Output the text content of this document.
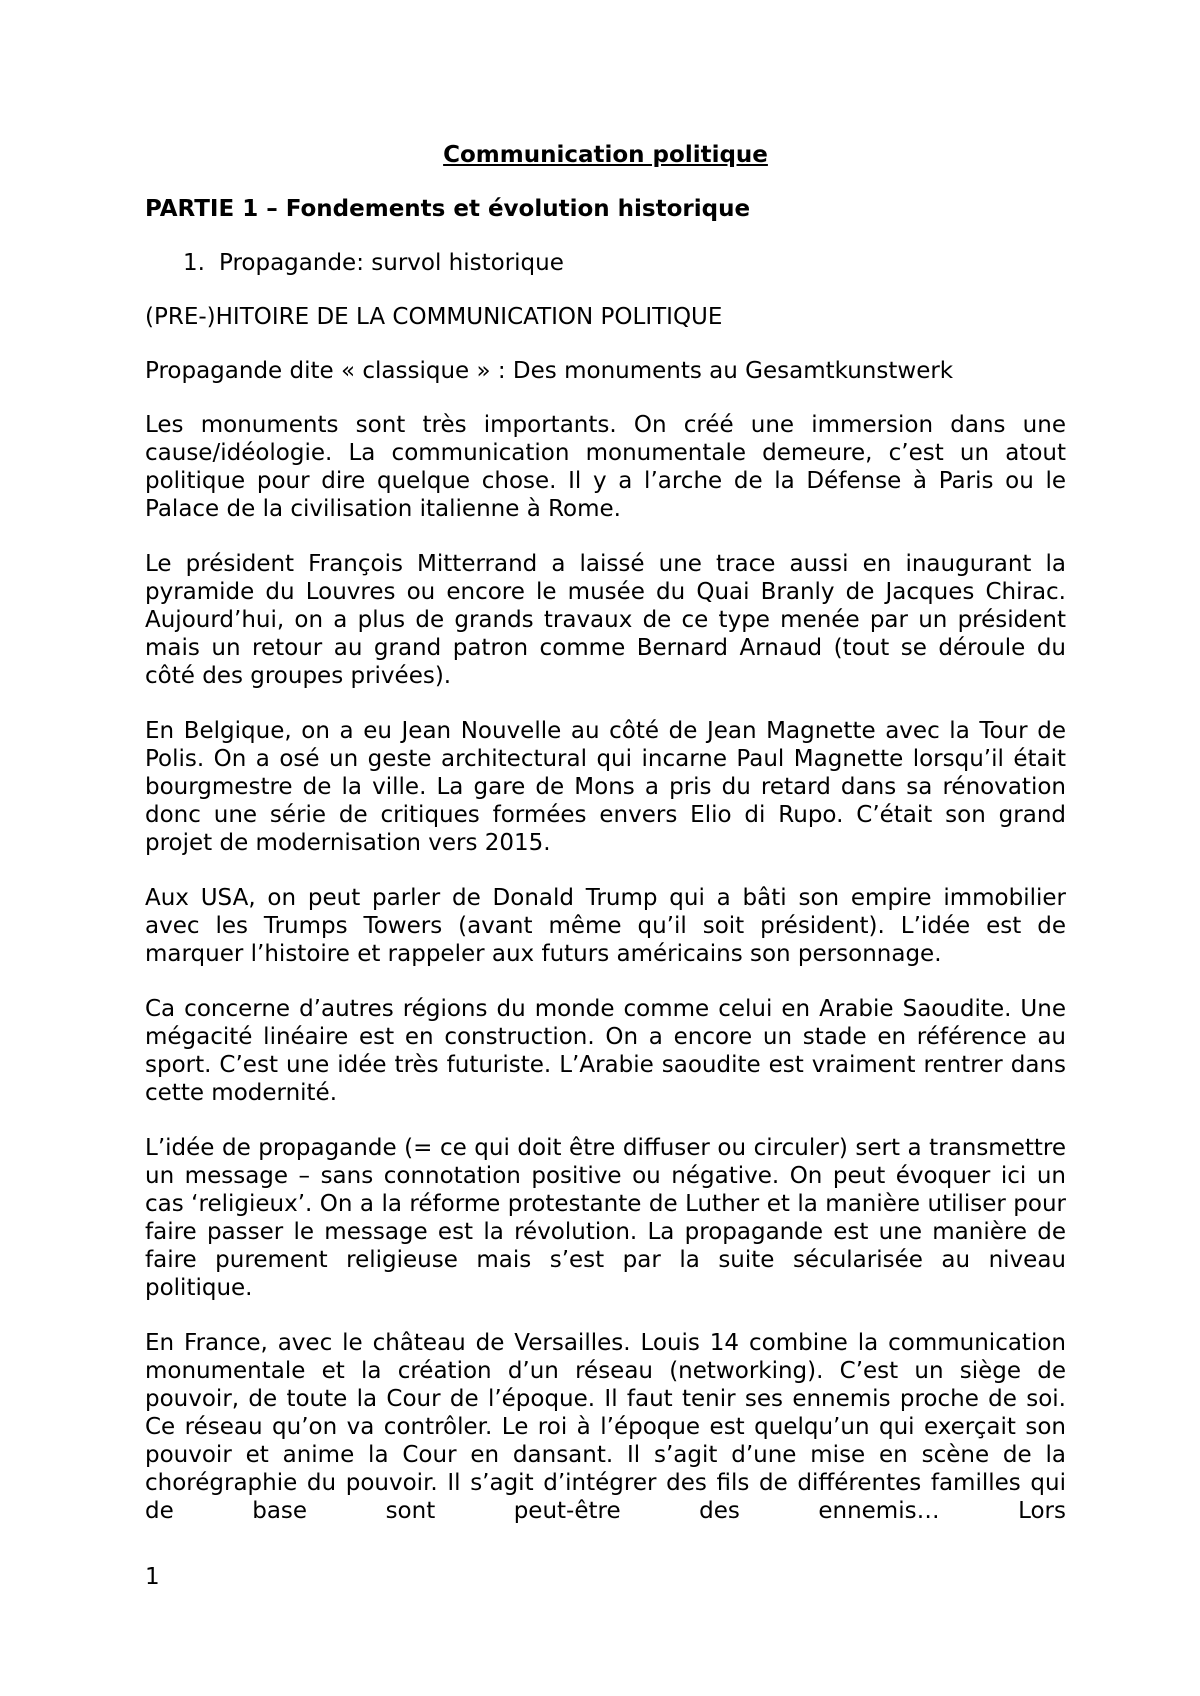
Communication politique
PARTIE 1 – Fondements et évolution historique
1. Propagande: survol historique
(PRE-)HITOIRE DE LA COMMUNICATION POLITIQUE
Propagande dite « classique » : Des monuments au Gesamtkunstwerk

Les monuments sont très importants. On créé une immersion dans une cause/idéologie. La communication monumentale demeure, c’est un atout politique pour dire quelque chose. Il y a l’arche de la Défense à Paris ou le Palace de la civilisation italienne à Rome.

Le président François Mitterrand a laissé une trace aussi en inaugurant la pyramide du Louvres ou encore le musée du Quai Branly de Jacques Chirac. Aujourd’hui, on a plus de grands travaux de ce type menée par un président mais un retour au grand patron comme Bernard Arnaud (tout se déroule du côté des groupes privées).

En Belgique, on a eu Jean Nouvelle au côté de Jean Magnette avec la Tour de Polis. On a osé un geste architectural qui incarne Paul Magnette lorsqu’il était bourgmestre de la ville. La gare de Mons a pris du retard dans sa rénovation donc une série de critiques formées envers Elio di Rupo. C’était son grand projet de modernisation vers 2015.

Aux USA, on peut parler de Donald Trump qui a bâti son empire immobilier avec les Trumps Towers (avant même qu’il soit président). L’idée est de marquer l’histoire et rappeler aux futurs américains son personnage.

Ca concerne d’autres régions du monde comme celui en Arabie Saoudite. Une mégacité linéaire est en construction. On a encore un stade en référence au sport. C’est une idée très futuriste. L’Arabie saoudite est vraiment rentrer dans cette modernité.

L’idée de propagande (= ce qui doit être diffuser ou circuler) sert a transmettre un message – sans connotation positive ou négative. On peut évoquer ici un cas ‘religieux’. On a la réforme protestante de Luther et la manière utiliser pour faire passer le message est la révolution. La propagande est une manière de faire purement religieuse mais s’est par la suite sécularisée au niveau politique.

En France, avec le château de Versailles. Louis 14 combine la communication monumentale et la création d’un réseau (networking). C’est un siège de pouvoir, de toute la Cour de l’époque. Il faut tenir ses ennemis proche de soi. Ce réseau qu’on va contrôler. Le roi à l’époque est quelqu’un qui exerçait son pouvoir et anime la Cour en dansant. Il s’agit d’une mise en scène de la chorégraphie du pouvoir. Il s’agit d’intégrer des fils de différentes familles qui de base sont peut-être des ennemis… Lors

1
